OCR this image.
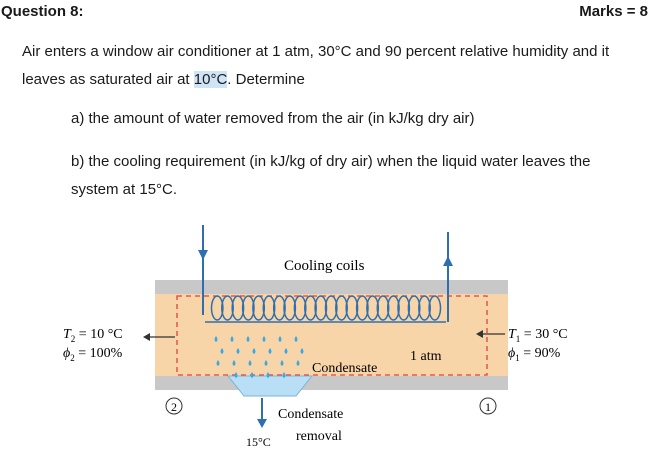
Question 8:	Marks = 8
Air enters a window air conditioner at 1 atm, 30°C and 90 percent relative humidity and it leaves as saturated air at 10°C. Determine
a) the amount of water removed from the air (in kJ/kg dry air)
b) the cooling requirement (in kJ/kg of dry air) when the liquid water leaves the system at 15°C.
2	1
Cooling coils
$T_2 = 10$ °C
$\phi_2 = 100\%$
$T_1 = 30$ °C
$\phi_1 = 90\%$
1 atm
Condensate
Condensate
removal
15°C
